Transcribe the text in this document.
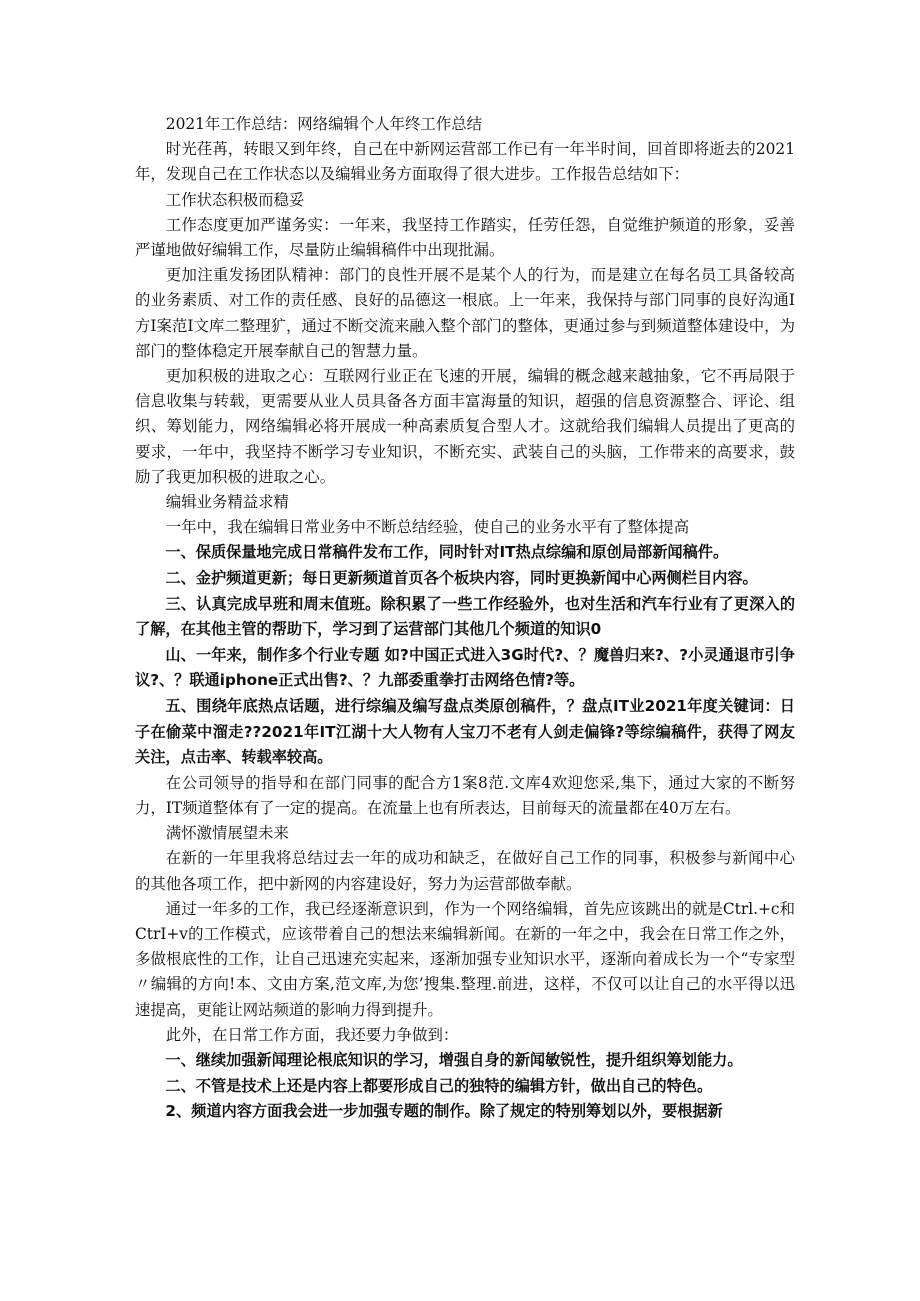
2021年工作总结：网络编辑个人年终工作总结

时光荏苒，转眼又到年终，自己在中新网运营部工作已有一年半时间，回首即将逝去的2021年，发现自己在工作状态以及编辑业务方面取得了很大进步。工作报告总结如下：

工作状态积极而稳妥

工作态度更加严谨务实：一年来，我坚持工作踏实，任劳任怨，自觉维护频道的形象，妥善严谨地做好编辑工作，尽量防止编辑稿件中出现批漏。

更加注重发扬团队精神：部门的良性开展不是某个人的行为，而是建立在每名员工具备较高的业务素质、对工作的责任感、良好的品德这一根底。上一年来，我保持与部门同事的良好沟通Ⅰ方Ⅰ案范Ⅰ文库二整理犷，通过不断交流来融入整个部门的整体，更通过参与到频道整体建设中，为部门的整体稳定开展奉献自己的智慧力量。

更加积极的进取之心：互联网行业正在飞速的开展，编辑的概念越来越抽象，它不再局限于信息收集与转载，更需要从业人员具备各方面丰富海量的知识，超强的信息资源整合、评论、组织、筹划能力，网络编辑必将开展成一种高素质复合型人才。这就给我们编辑人员提出了更高的要求，一年中，我坚持不断学习专业知识，不断充实、武装自己的头脑，工作带来的高要求，鼓励了我更加积极的进取之心。

编辑业务精益求精

一年中，我在编辑日常业务中不断总结经验，使自己的业务水平有了整体提高

一、保质保量地完成日常稿件发布工作，同时针对IT热点综编和原创局部新闻稿件。

二、金护频道更新；每日更新频道首页各个板块内容，同时更换新闻中心两侧栏目内容。

三、认真完成早班和周末值班。除积累了一些工作经验外，也对生活和汽车行业有了更深入的了解，在其他主管的帮助下，学习到了运营部门其他几个频道的知识0

山、一年来，制作多个行业专题 如?中国正式进入3G时代?、？魔兽归来?、?小灵通退市引争议?、？联通iphone正式出售?、？九部委重拳打击网络色情?等。

五、围绕年底热点话题，进行综编及编写盘点类原创稿件，？盘点IT业2021年度关键词：日子在偷菜中溜走??2021年IT江湖十大人物有人宝刀不老有人剑走偏锋?等综编稿件，获得了网友关注，点击率、转载率较高。

在公司领导的指导和在部门同事的配合方1案8范.文库4欢迎您采,集下，通过大家的不断努力，IT频道整体有了一定的提高。在流量上也有所表达，目前每天的流量都在40万左右。

满怀激情展望未来

在新的一年里我将总结过去一年的成功和缺乏，在做好自己工作的同事，积极参与新闻中心的其他各项工作，把中新网的内容建设好，努力为运营部做奉献。

通过一年多的工作，我已经逐渐意识到，作为一个网络编辑，首先应该跳出的就是Ctrl.+c和CtrI+v的工作模式，应该带着自己的想法来编辑新闻。在新的一年之中，我会在日常工作之外，多做根底性的工作，让自己迅速充实起来，逐渐加强专业知识水平，逐渐向着成长为一个“专家型〃编辑的方向!本、文由方案,范文库,为您’搜集.整理.前进，这样，不仅可以让自己的水平得以迅速提高，更能让网站频道的影响力得到提升。

此外，在日常工作方面，我还要力争做到：

一、继续加强新闻理论根底知识的学习，增强自身的新闻敏锐性，提升组织筹划能力。

二、不管是技术上还是内容上都要形成自己的独特的编辑方针，做出自己的特色。

2、频道内容方面我会进一步加强专题的制作。除了规定的特别筹划以外，要根据新
